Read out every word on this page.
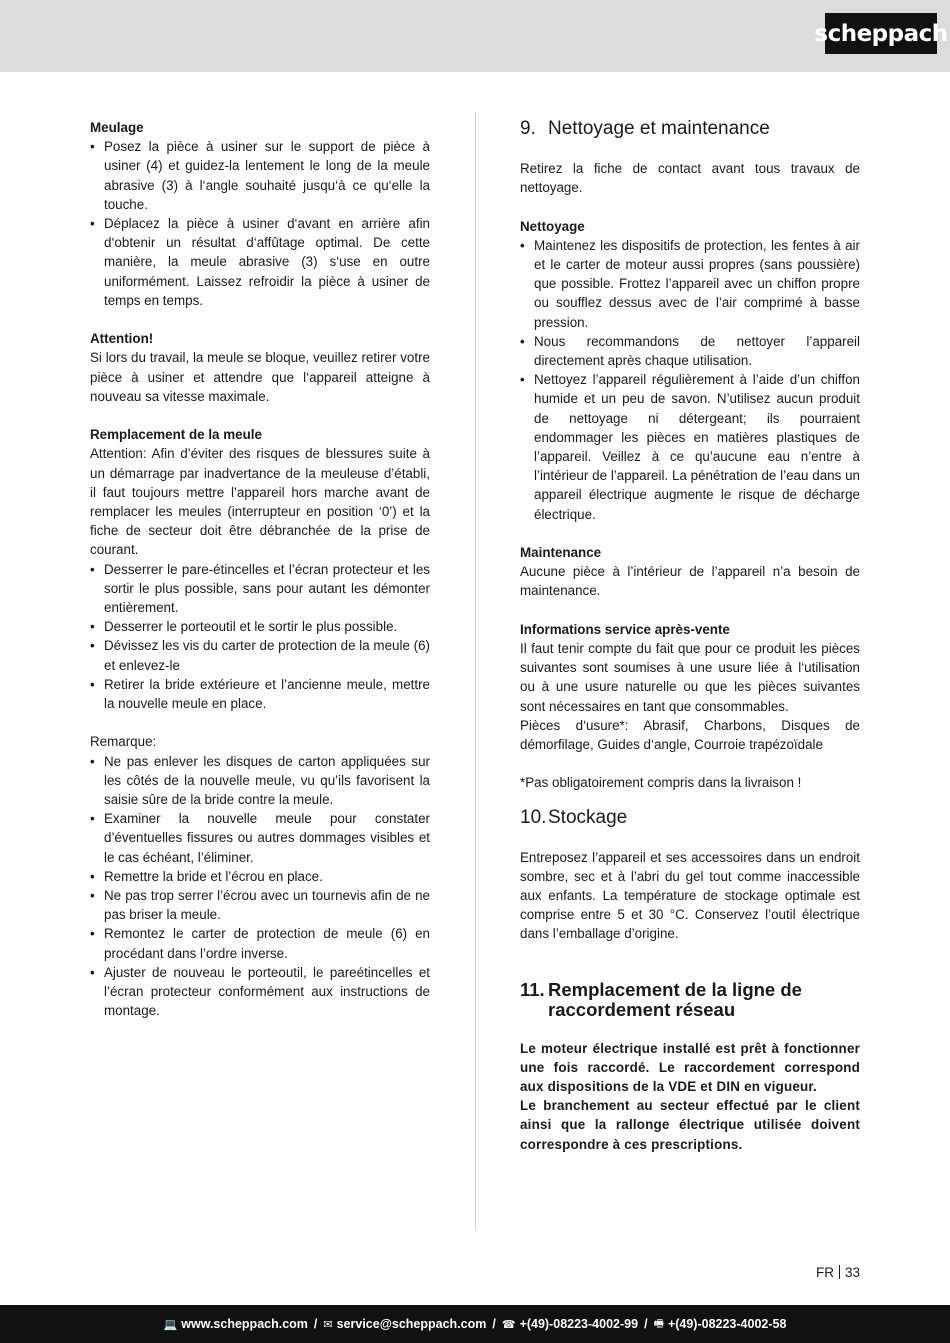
scheppach
Meulage
• Posez la pièce à usiner sur le support de pièce à usiner (4) et guidez-la lentement le long de la meule abrasive (3) à l‘angle souhaité jusqu‘à ce qu‘elle la touche.
• Déplacez la pièce à usiner d‘avant en arrière afin d‘obtenir un résultat d‘affûtage optimal. De cette manière, la meule abrasive (3) s‘use en outre uniformément. Laissez refroidir la pièce à usiner de temps en temps.
Attention!

Si lors du travail, la meule se bloque, veuillez retirer votre pièce à usiner et attendre que l‘appareil atteigne à nouveau sa vitesse maximale.

Remplacement de la meule

Attention: Afin d’éviter des risques de blessures suite à un démarrage par inadvertance de la meuleuse d’établi, il faut toujours mettre l’appareil hors marche avant de remplacer les meules (interrupteur en position ‘0’) et la fiche de secteur doit être débranchée de la prise de courant.

• Desserrer le pare-étincelles et l’écran protecteur et les sortir le plus possible, sans pour autant les démonter entièrement.
• Desserrer le porteoutil et le sortir le plus possible.
• Dévissez les vis du carter de protection de la meule (6) et enlevez-le
• Retirer la bride extérieure et l’ancienne meule, mettre la nouvelle meule en place.

Remarque:

• Ne pas enlever les disques de carton appliquées sur les côtés de la nouvelle meule, vu qu’ils favorisent la saisie sûre de la bride contre la meule.
• Examiner la nouvelle meule pour constater d’éventuelles fissures ou autres dommages visibles et le cas échéant, l’éliminer.
• Remettre la bride et l’écrou en place.
• Ne pas trop serrer l’écrou avec un tournevis afin de ne pas briser la meule.
• Remontez le carter de protection de meule (6) en procédant dans l’ordre inverse.
• Ajuster de nouveau le porteoutil, le pareétincelles et l’écran protecteur conformément aux instructions de montage.
9. Nettoyage et maintenance

Retirez la fiche de contact avant tous travaux de nettoyage.

Nettoyage
• Maintenez les dispositifs de protection, les fentes à air et le carter de moteur aussi propres (sans poussière) que possible. Frottez l’appareil avec un chiffon propre ou soufflez dessus avec de l’air comprimé à basse pression.
• Nous recommandons de nettoyer l’appareil directement après chaque utilisation.
• Nettoyez l’appareil régulièrement à l’aide d’un chiffon humide et un peu de savon. N’utilisez aucun produit de nettoyage ni détergeant; ils pourraient endommager les pièces en matières plastiques de l’appareil. Veillez à ce qu’aucune eau n’entre à l’intérieur de l’appareil. La pénétration de l’eau dans un appareil électrique augmente le risque de décharge électrique.
Maintenance

Aucune pièce à l’intérieur de l’appareil n’a besoin de maintenance.

Informations service après-vente

Il faut tenir compte du fait que pour ce produit les pièces suivantes sont soumises à une usure liée à l‘utilisation ou à une usure naturelle ou que les pièces suivantes sont nécessaires en tant que consommables.

Pièces d‘usure*: Abrasif, Charbons, Disques de démorfilage, Guides d‘angle, Courroie trapézoïdale

*Pas obligatoirement compris dans la livraison !

10. Stockage

Entreposez l’appareil et ses accessoires dans un endroit sombre, sec et à l’abri du gel tout comme inaccessible aux enfants. La température de stockage optimale est comprise entre 5 et 30 °C. Conservez l’outil électrique dans l’emballage d’origine.

11. Remplacement de la ligne de raccordement réseau

Le moteur électrique installé est prêt à fonctionner une fois raccordé. Le raccordement correspond aux dispositions de la VDE et DIN en vigueur.

Le branchement au secteur effectué par le client ainsi que la rallonge électrique utilisée doivent correspondre à ces prescriptions.

FR 33
💻 www.scheppach.com / ✉ service@scheppach.com / ☎ +(49)-08223-4002-99 / 🖷 +(49)-08223-4002-58
